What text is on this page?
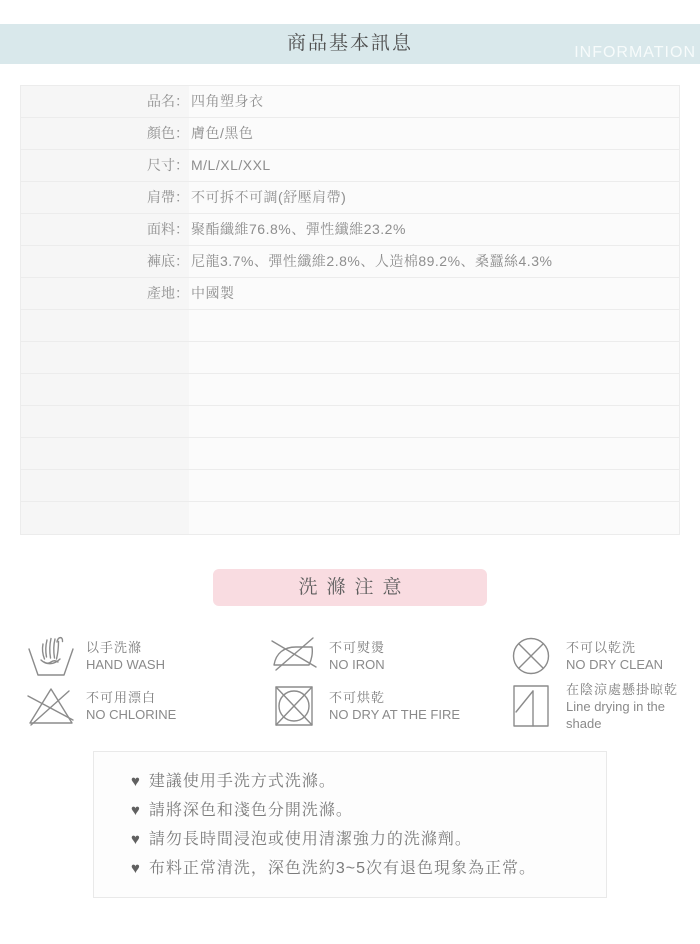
商品基本訊息	INFORMATION
品名： 四角塑身衣
顏色： 膚色/黑色
尺寸： M/L/XL/XXL
肩帶： 不可拆不可調(舒壓肩帶)
面料： 聚酯纖維76.8%、彈性纖維23.2%
褲底： 尼龍3.7%、彈性纖維2.8%、人造棉89.2%、桑蠶絲4.3%
產地： 中國製
洗滌注意
以手洗滌
HAND WASH
不可熨燙
NO IRON
不可以乾洗
NO DRY CLEAN
不可用漂白
NO CHLORINE
不可烘乾
NO DRY AT THE FIRE
在陰涼處懸掛晾乾
Line drying in the shade
♥ 建議使用手洗方式洗滌。
♥ 請將深色和淺色分開洗滌。
♥ 請勿長時間浸泡或使用清潔強力的洗滌劑。
♥ 布料正常清洗，深色洗約3~5次有退色現象為正常。
